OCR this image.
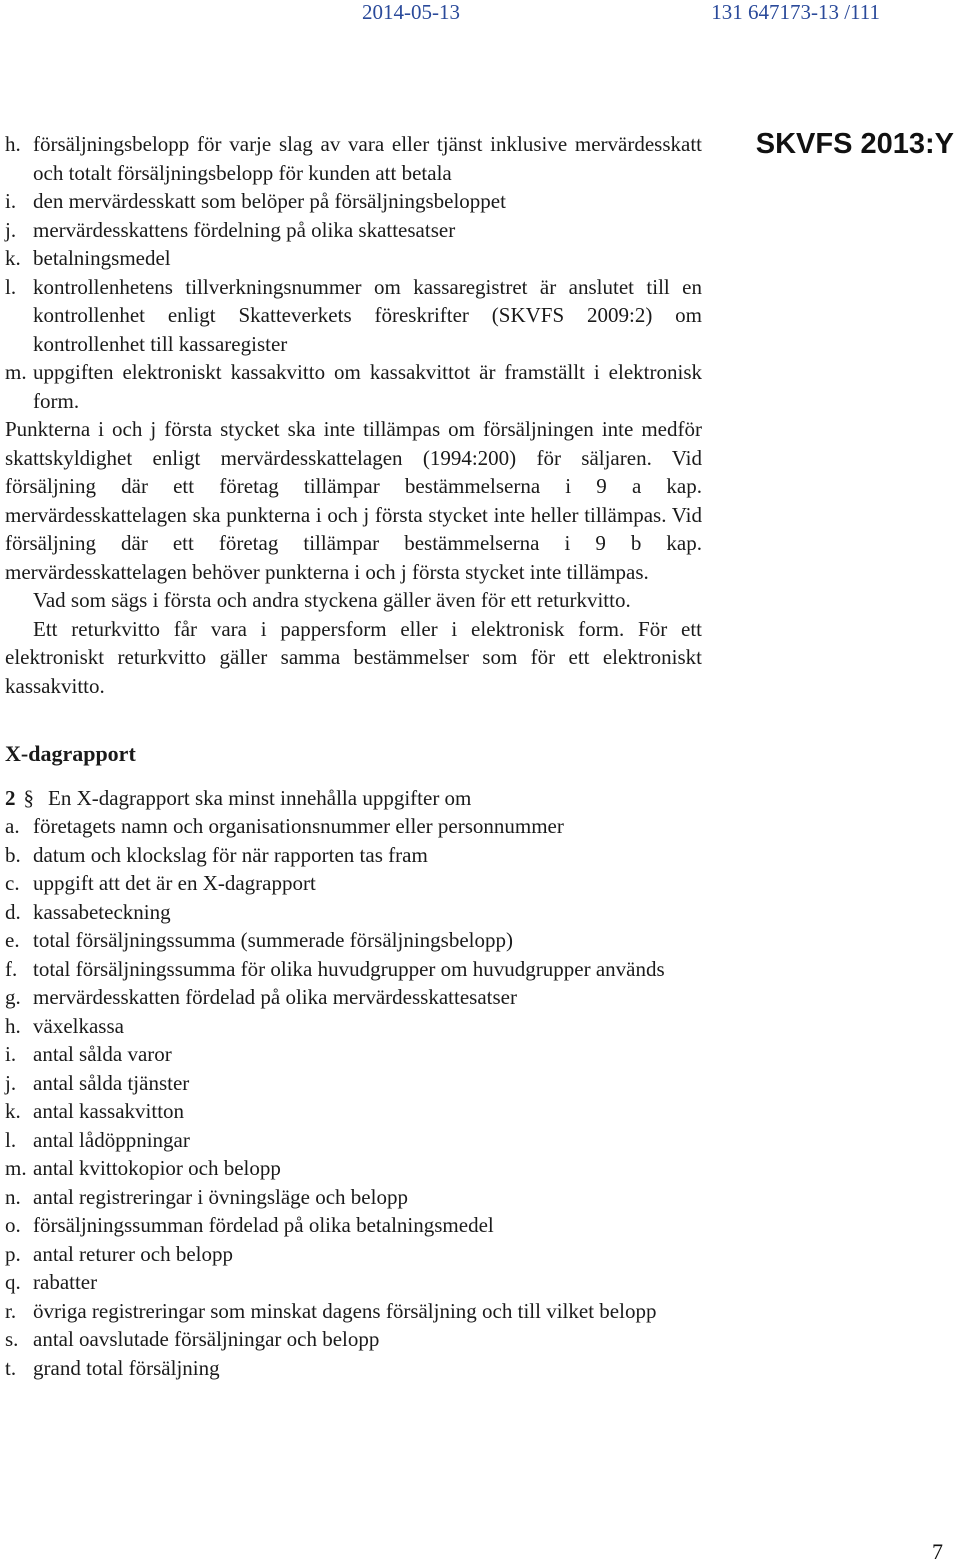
2014-05-13	131 647173-13 /111
SKVFS 2013:Y
h. försäljningsbelopp för varje slag av vara eller tjänst inklusive mervärdesskatt och totalt försäljningsbelopp för kunden att betala
i. den mervärdesskatt som belöper på försäljningsbeloppet
j. mervärdesskattens fördelning på olika skattesatser
k. betalningsmedel
l. kontrollenhetens tillverkningsnummer om kassaregistret är anslutet till en kontrollenhet enligt Skatteverkets föreskrifter (SKVFS 2009:2) om kontrollenhet till kassaregister
m. uppgiften elektroniskt kassakvitto om kassakvittot är framställt i elektronisk form.

Punkterna i och j första stycket ska inte tillämpas om försäljningen inte medför skattskyldighet enligt mervärdesskattelagen (1994:200) för säljaren. Vid försäljning där ett företag tillämpar bestämmelserna i 9 a kap. mervärdesskattelagen ska punkterna i och j första stycket inte heller tillämpas. Vid försäljning där ett företag tillämpar bestämmelserna i 9 b kap. mervärdesskattelagen behöver punkterna i och j första stycket inte tillämpas.

Vad som sägs i första och andra styckena gäller även för ett returkvitto.

Ett returkvitto får vara i pappersform eller i elektronisk form. För ett elektroniskt returkvitto gäller samma bestämmelser som för ett elektroniskt kassakvitto.

X-dagrapport
2 § En X-dagrapport ska minst innehålla uppgifter om
a. företagets namn och organisationsnummer eller personnummer
b. datum och klockslag för när rapporten tas fram
c. uppgift att det är en X-dagrapport
d. kassabeteckning
e. total försäljningssumma (summerade försäljningsbelopp)
f. total försäljningssumma för olika huvudgrupper om huvudgrupper används
g. mervärdesskatten fördelad på olika mervärdesskattesatser
h. växelkassa
i. antal sålda varor
j. antal sålda tjänster
k. antal kassakvitton
l. antal lådöppningar
m. antal kvittokopior och belopp
n. antal registreringar i övningsläge och belopp
o. försäljningssumman fördelad på olika betalningsmedel
p. antal returer och belopp
q. rabatter
r. övriga registreringar som minskat dagens försäljning och till vilket belopp
s. antal oavslutade försäljningar och belopp
t. grand total försäljning
7
